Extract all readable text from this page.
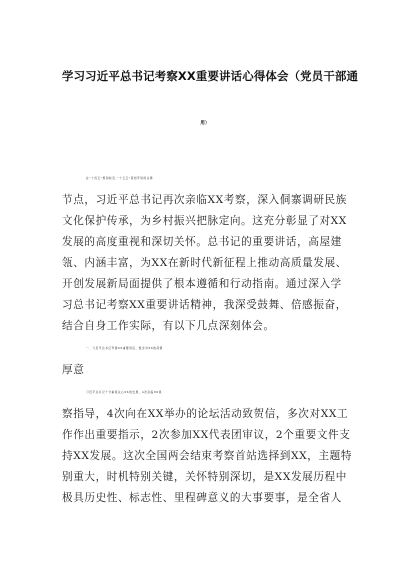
学习习近平总书记考察XX重要讲话心得体会（党员干部通
用）
在”十四五”规划收官、”十五五”谋划开局的关键
节点，习近平总书记再次亲临XX考察，深入侗寨调研民族
文化保护传承，为乡村振兴把脉定向。这充分彰显了对XX
发展的高度重视和深切关怀。总书记的重要讲话，高屋建
瓴、内涵丰富，为XX在新时代新征程上推动高质量发展、
开创发展新局面提供了根本遵循和行动指南。通过深入学
习总书记考察XX重要讲话精神，我深受鼓舞、倍感振奋，
结合自身工作实际，有以下几点深刻体会。
一、习近平总书记考察XX重要讲话，饱含对XX的深情
厚意
习近平总书记十分重视关心XX的发展，4次亲临XX视
察指导，4次向在XX举办的论坛活动致贺信，多次对XX工
作作出重要指示，2次参加XX代表团审议，2个重要文件支
持XX发展。这次全国两会结束考察首站选择到XX，主题特
别重大，时机特别关键，关怀特别深切，是XX发展历程中
极具历史性、标志性、里程碑意义的大事要事，是全省人
